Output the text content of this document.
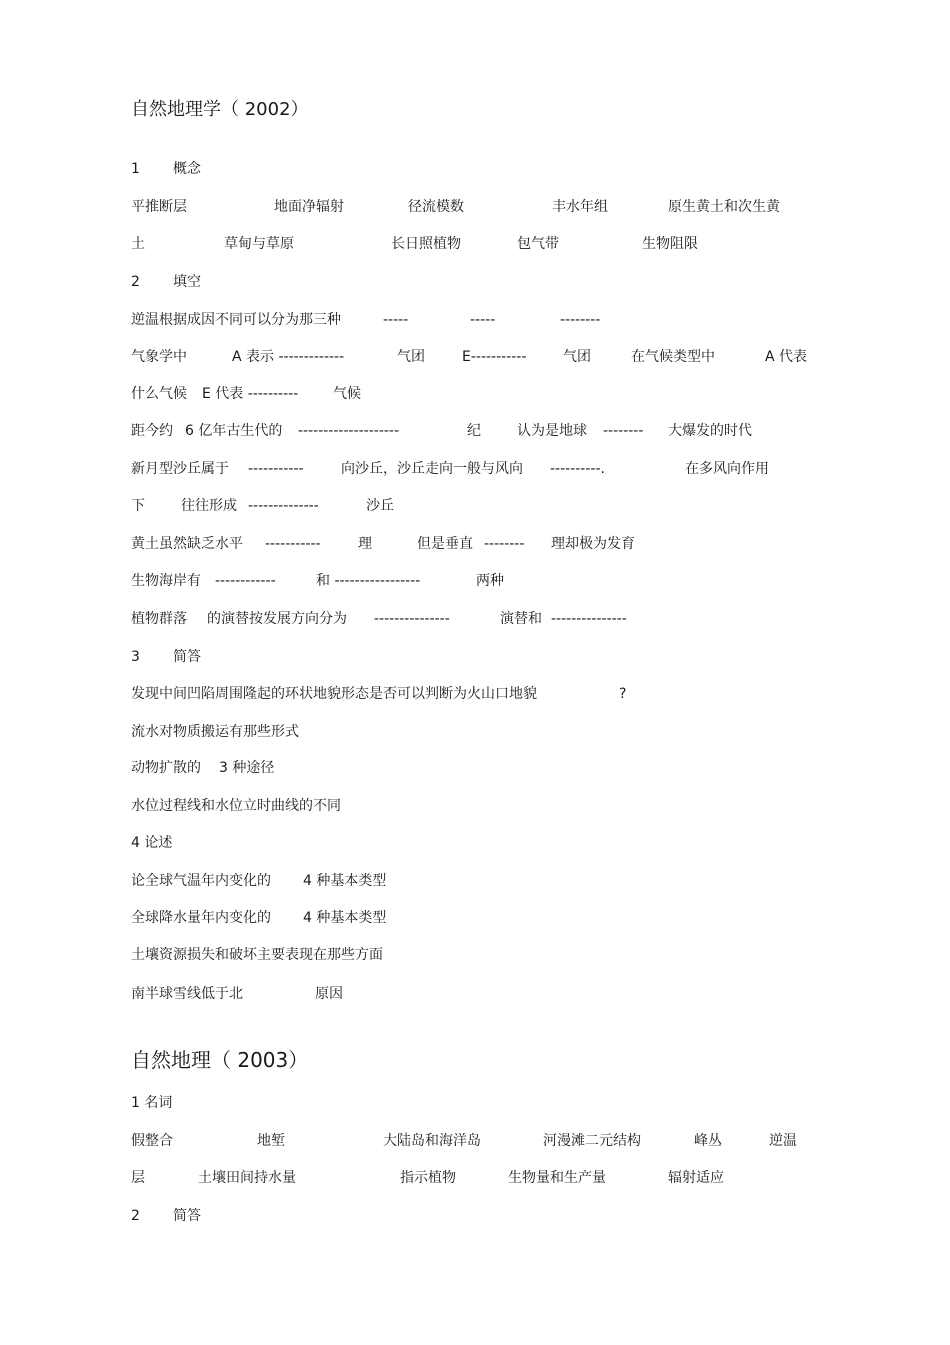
自然地理学（ 2002）
1 概念
平推断层	地面净辐射	径流模数	丰水年组	原生黄土和次生黄
土	草甸与草原	长日照植物	包气带	生物阻限
2 填空
逆温根据成因不同可以分为那三种	-----	-----	--------
气象学中	A 表示 -------------	气团	E-----------	气团	在气候类型中	A 代表
什么气候 E 代表 ---------- 气候
距今约 6 亿年古生代的 --------------------	纪	认为是地球 -------- 大爆发的时代
新月型沙丘属于 -----------	向沙丘，沙丘走向一般与风向 ----------.	在多风向作用
下	往往形成 --------------	沙丘
黄土虽然缺乏水平 -----------	理	但是垂直 -------- 理却极为发育
生物海岸有 ------------	和 -----------------	两种
植物群落 的演替按发展方向分为 ---------------	演替和 ---------------
3 简答
发现中间凹陷周围隆起的环状地貌形态是否可以判断为火山口地貌	?
流水对物质搬运有那些形式
动物扩散的 3 种途径
水位过程线和水位立时曲线的不同
4 论述
论全球气温年内变化的 4 种基本类型
全球降水量年内变化的 4 种基本类型
土壤资源损失和破坏主要表现在那些方面
南半球雪线低于北	原因
自然地理（ 2003）
1 名词
假整合	地堑	大陆岛和海洋岛	河漫滩二元结构	峰丛	逆温
层	土壤田间持水量	指示植物	生物量和生产量	辐射适应
2 简答
